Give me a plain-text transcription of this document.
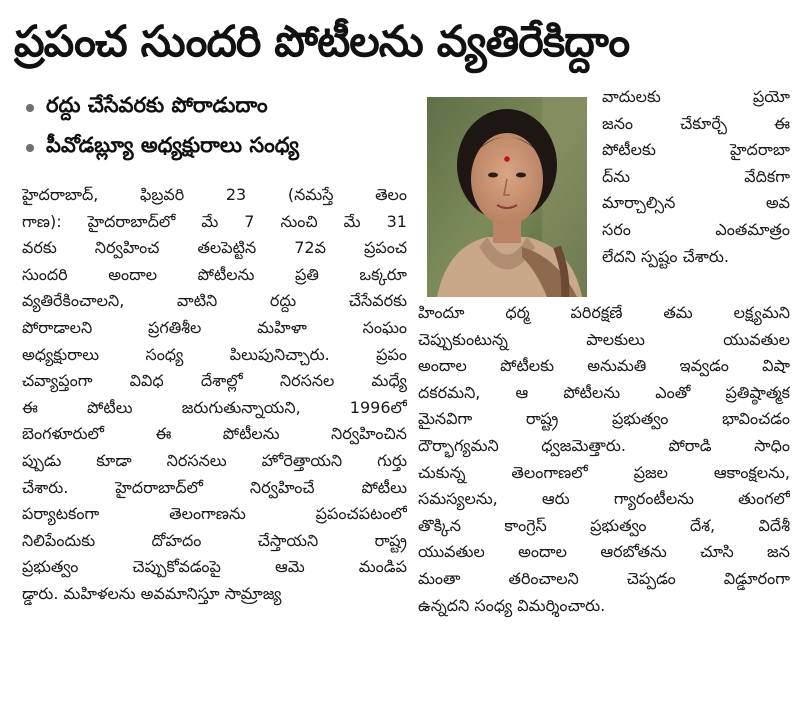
ప్రపంచ సుందరి పోటీలను వ్యతిరేకిద్దాం
రద్దు చేసేవరకు పోరాడుదాం
పీవోడబ్ల్యూ అధ్యక్షురాలు సంధ్య
వాదులకు ప్రయో
జనం చేకూర్చే ఈ
పోటీలకు హైదరాబా
ద్‌ను వేదికగా
మార్చాల్సిన అవ
సరం ఎంతమాత్రం
లేదని స్పష్టం చేశారు.
హైదరాబాద్, ఫిబ్రవరి 23 (నమస్తే తెలం
గాణ): హైదరాబాద్‌లో మే 7 నుంచి మే 31
వరకు నిర్వహించ తలపెట్టిన 72వ ప్రపంచ
సుందరి అందాల పోటీలను ప్రతి ఒక్కరూ
వ్యతిరేకించాలని, వాటిని రద్దు చేసేవరకు
పోరాడాలని ప్రగతిశీల మహిళా సంఘం
అధ్యక్షురాలు సంధ్య పిలుపునిచ్చారు. ప్రపం
చవ్యాప్తంగా వివిధ దేశాల్లో నిరసనల మధ్యే
ఈ పోటీలు జరుగుతున్నాయని, 1996లో
బెంగళూరులో ఈ పోటీలను నిర్వహించిన
ప్పుడు కూడా నిరసనలు హోరెత్తాయని గుర్తు
చేశారు. హైదరాబాద్‌లో నిర్వహించే పోటీలు
పర్యాటకంగా తెలంగాణను ప్రపంచపటంలో
నిలిపేందుకు దోహదం చేస్తాయని రాష్ట్ర
ప్రభుత్వం చెప్పుకోవడంపై ఆమె మండిప
డ్డారు. మహిళలను అవమానిస్తూ సామ్రాజ్య
హిందూ ధర్మ పరిరక్షణే తమ లక్ష్యమని
చెప్పుకుంటున్న పాలకులు యువతుల
అందాల పోటీలకు అనుమతి ఇవ్వడం విషా
దకరమని, ఆ పోటీలను ఎంతో ప్రతిష్ఠాత్మక
మైనవిగా రాష్ట్ర ప్రభుత్వం భావించడం
దౌర్భాగ్యమని ధ్వజమెత్తారు. పోరాడి సాధిం
చుకున్న తెలంగాణలో ప్రజల ఆకాంక్షలను,
సమస్యలను, ఆరు గ్యారంటీలను తుంగలో
తొక్కిన కాంగ్రెస్ ప్రభుత్వం దేశ, విదేశీ
యువతుల అందాల ఆరబోతను చూసి జన
మంతా తరించాలని చెప్పడం విడ్డూరంగా
ఉన్నదని సంధ్య విమర్శించారు.
